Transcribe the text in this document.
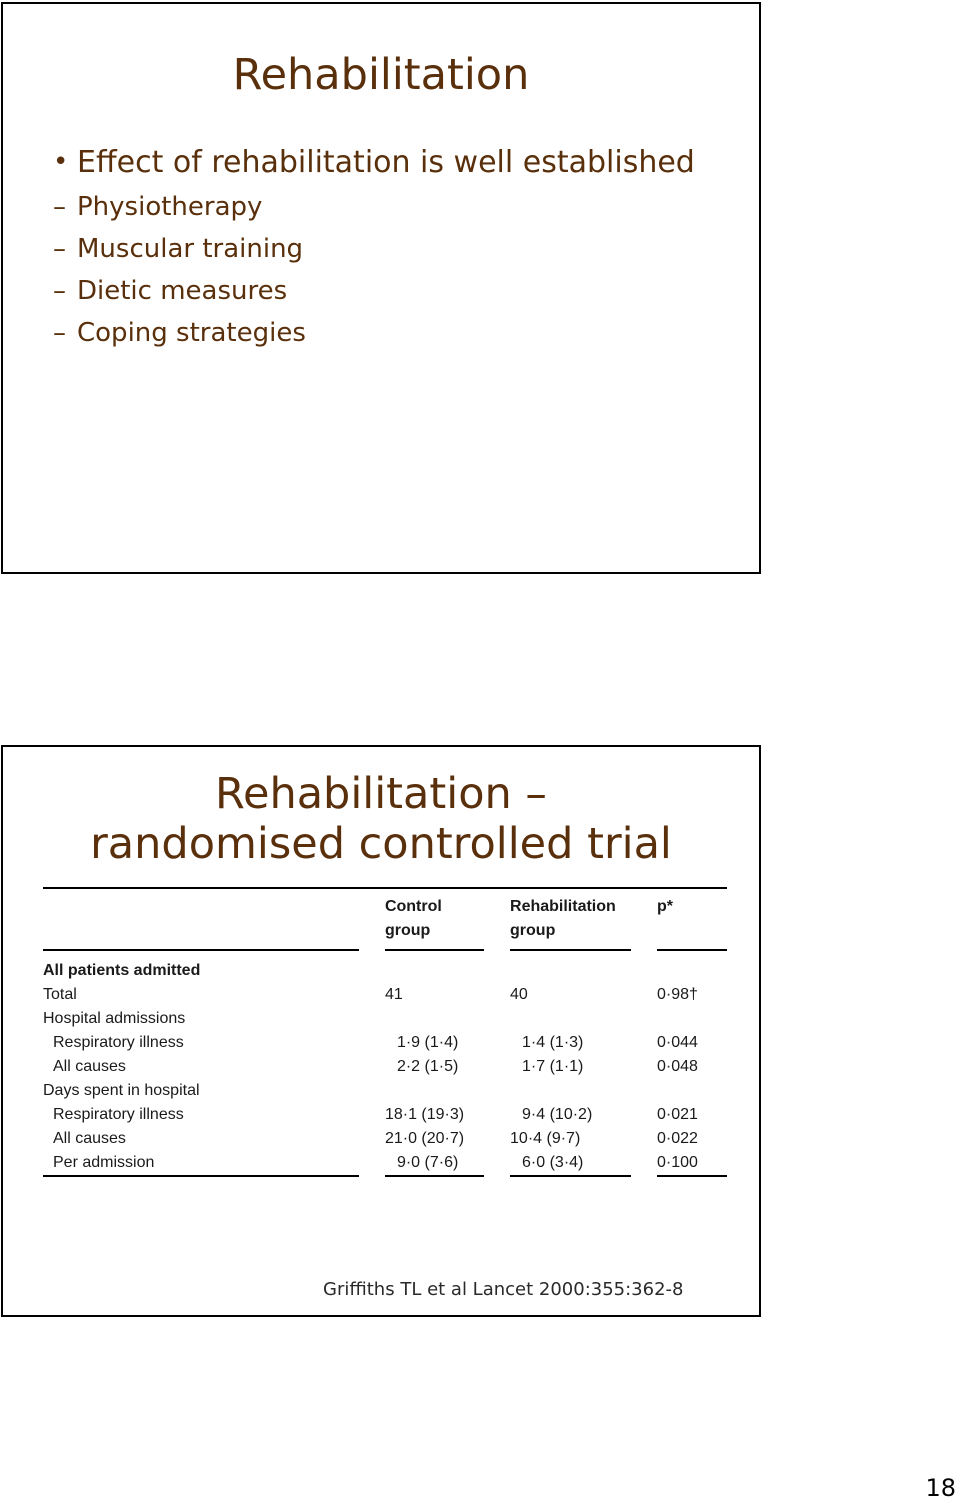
Rehabilitation
• Effect of rehabilitation is well established
– Physiotherapy
– Muscular training
– Dietic measures
– Coping strategies
Rehabilitation –
randomised controlled trial
		Control group		Rehabilitation group		p*

All patients admitted						
Total		41		40		0·98†
Hospital admissions						
Respiratory illness		1·9 (1·4)		1·4 (1·3)		0·044
All causes		2·2 (1·5)		1·7 (1·1)		0·048
Days spent in hospital						
Respiratory illness		18·1 (19·3)		9·4 (10·2)		0·021
All causes		21·0 (20·7)		10·4 (9·7)		0·022
Per admission		9·0 (7·6)		6·0 (3·4)		0·100
Griffiths TL et al Lancet 2000:355:362-8
18
